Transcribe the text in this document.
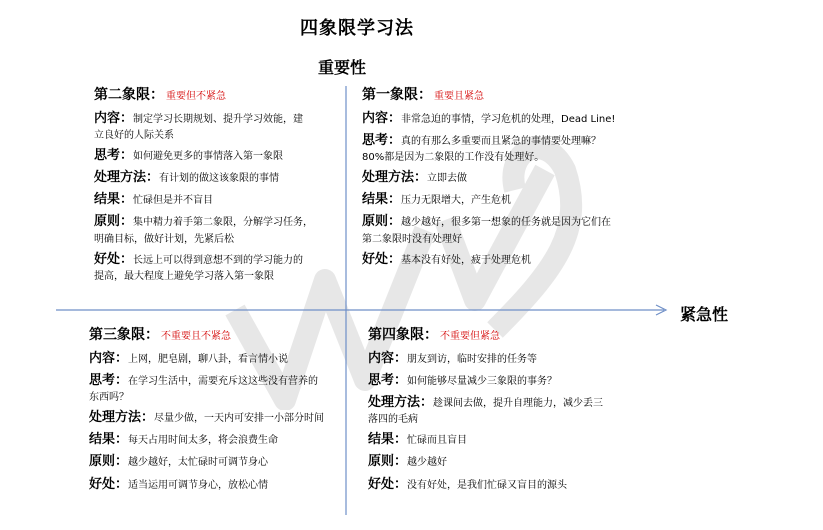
四象限学习法
重要性
紧急性
第二象限： 重要但不紧急
内容：制定学习长期规划、提升学习效能，建
立良好的人际关系
思考：如何避免更多的事情落入第一象限
处理方法：有计划的做这该象限的事情
结果：忙碌但是并不盲目
原则：集中精力着手第二象限，分解学习任务，
明确目标，做好计划，先紧后松
好处：长远上可以得到意想不到的学习能力的
提高，最大程度上避免学习落入第一象限
第一象限： 重要且紧急
内容：非常急迫的事情，学习危机的处理，Dead Line!
思考：真的有那么多重要而且紧急的事情要处理嘛？
80%都是因为二象限的工作没有处理好。
处理方法：立即去做
结果：压力无限增大，产生危机
原则：越少越好，很多第一想象的任务就是因为它们在
第二象限时没有处理好
好处：基本没有好处，疲于处理危机
第三象限： 不重要且不紧急
内容：上网，肥皂剧，聊八卦，看言情小说
思考：在学习生活中，需要充斥这这些没有营养的
东西吗？
处理方法：尽量少做，一天内可安排一小部分时间
结果：每天占用时间太多，将会浪费生命
原则：越少越好，太忙碌时可调节身心
好处：适当运用可调节身心，放松心情
第四象限： 不重要但紧急
内容：朋友到访，临时安排的任务等
思考：如何能够尽量减少三象限的事务？
处理方法：趁课间去做，提升自理能力，减少丢三
落四的毛病
结果：忙碌而且盲目
原则：越少越好
好处：没有好处，是我们忙碌又盲目的源头
